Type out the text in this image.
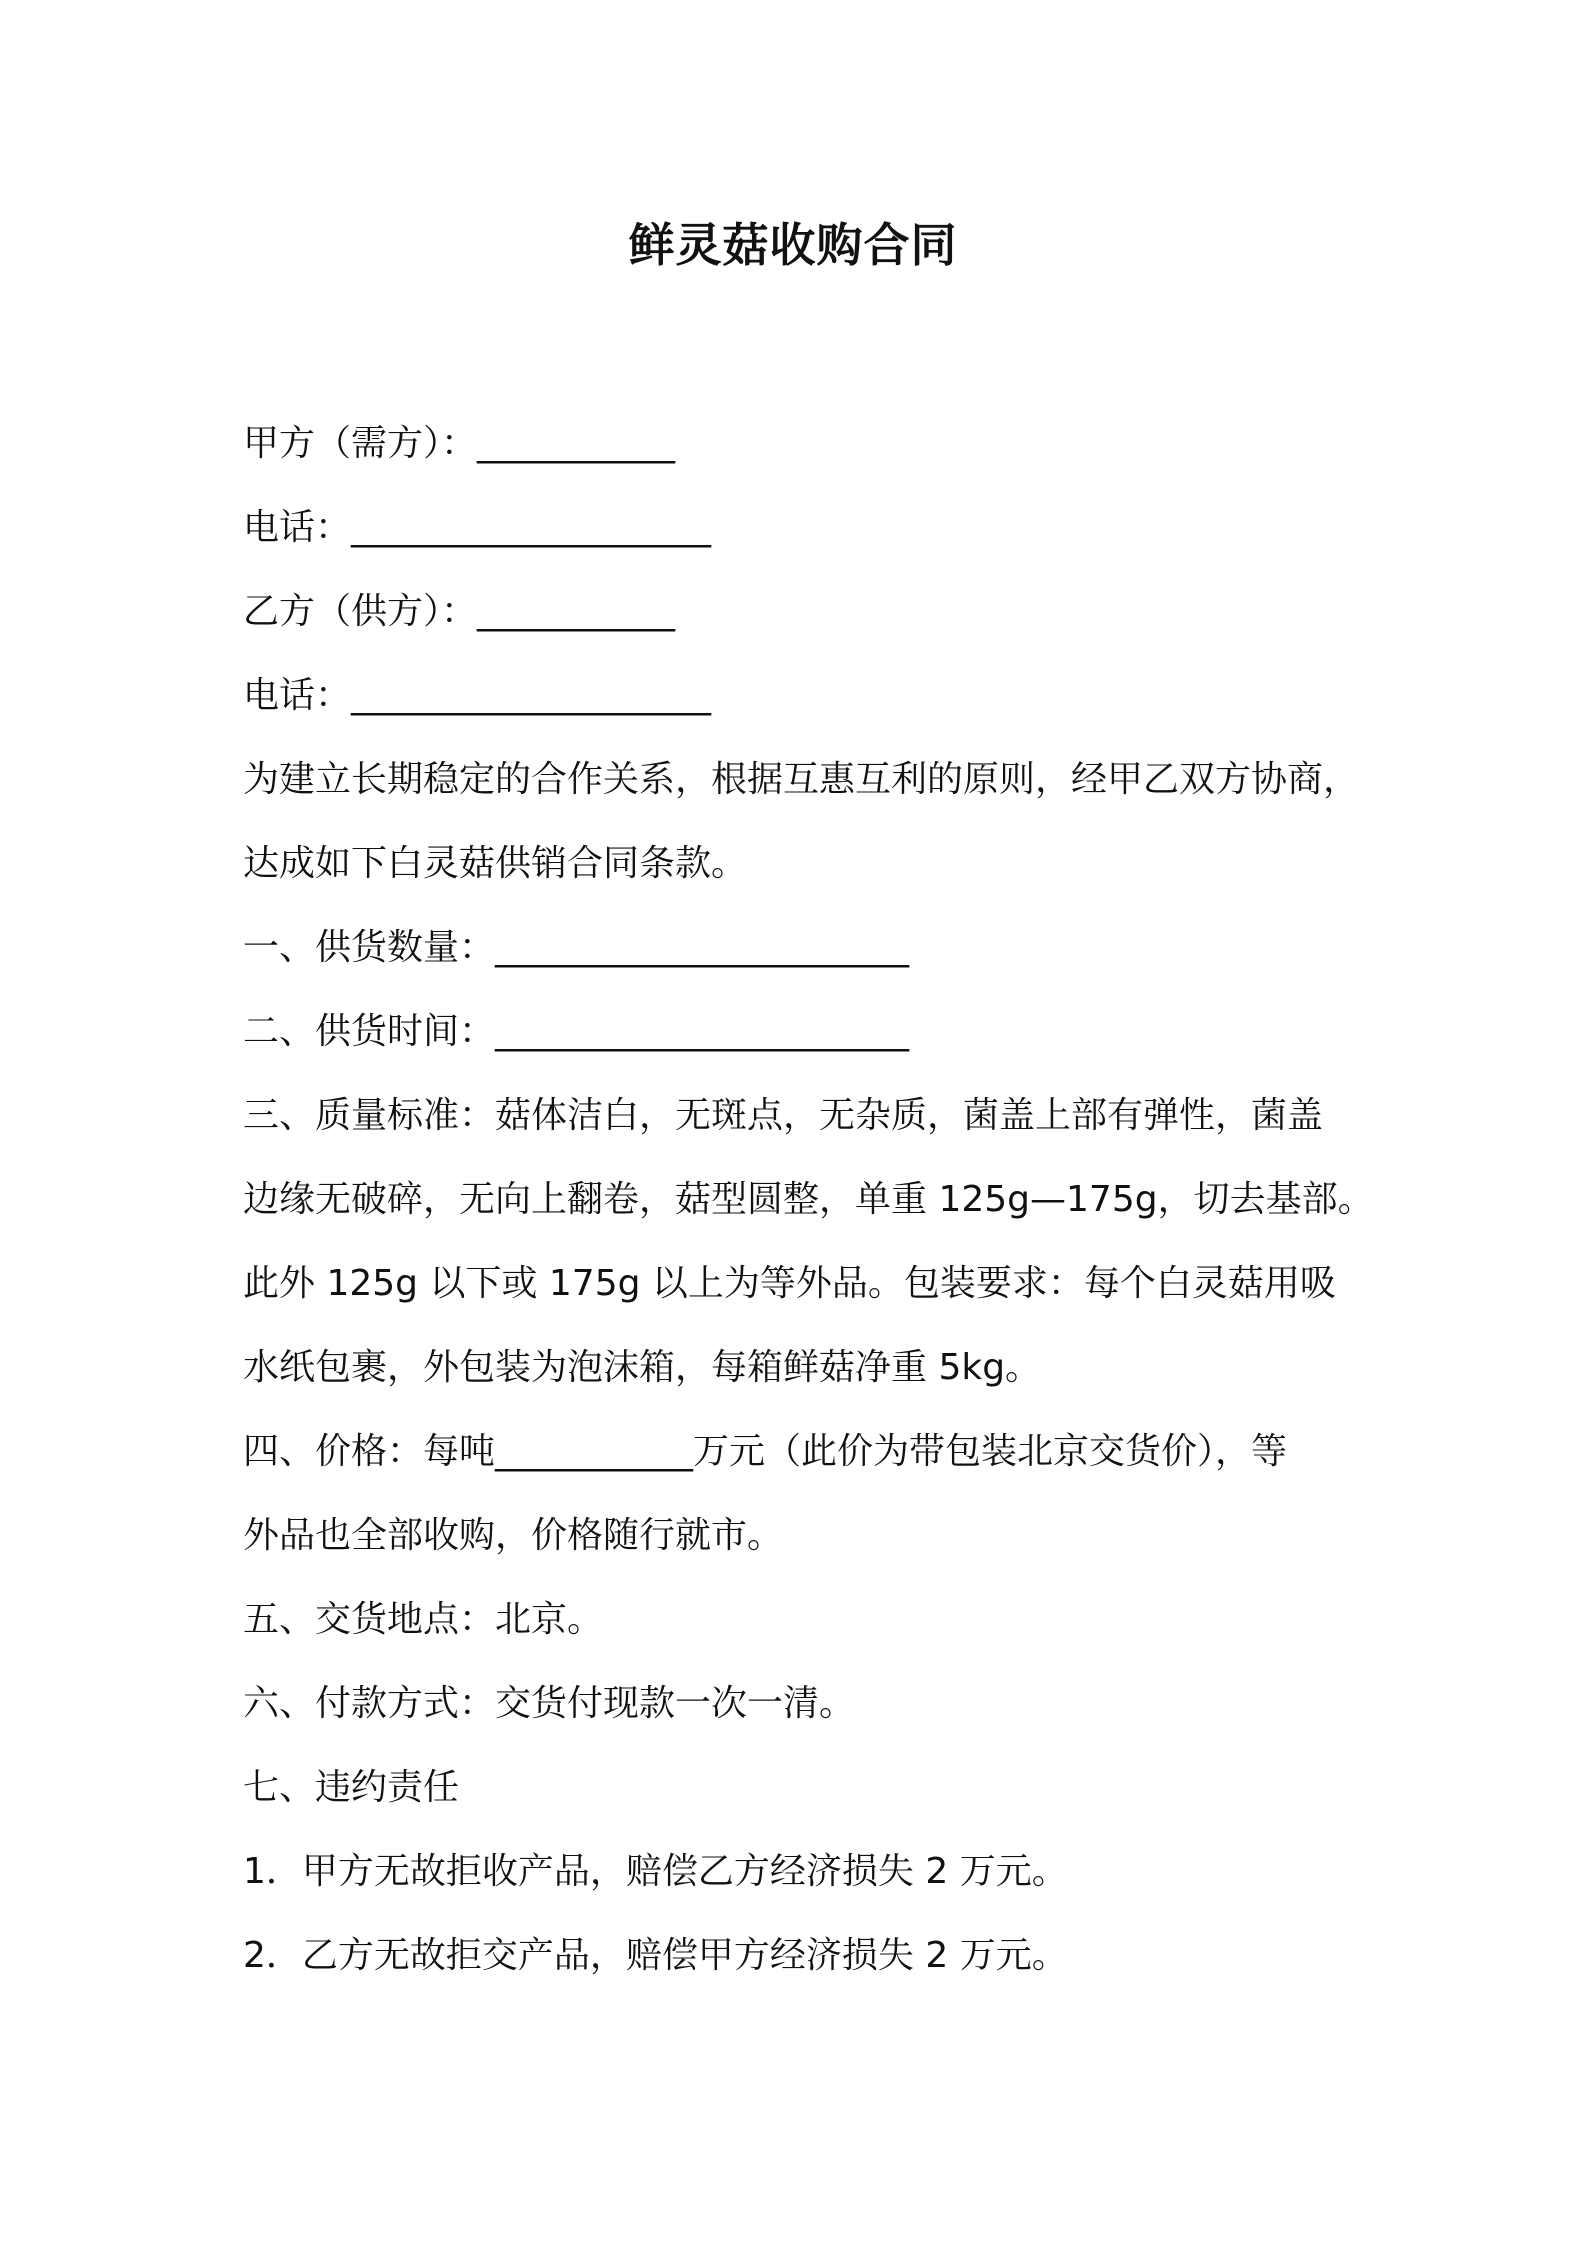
鲜灵菇收购合同
甲方（需方）：___________
电话：____________________
乙方（供方）：___________
电话：____________________
为建立长期稳定的合作关系，根据互惠互利的原则，经甲乙双方协商，
达成如下白灵菇供销合同条款。
一、供货数量：_______________________
二、供货时间：_______________________
三、质量标准：菇体洁白，无斑点，无杂质，菌盖上部有弹性，菌盖
边缘无破碎，无向上翻卷，菇型圆整，单重 125g—175g，切去基部。
此外 125g 以下或 175g 以上为等外品。包装要求：每个白灵菇用吸
水纸包裹，外包装为泡沫箱，每箱鲜菇净重 5kg。
四、价格：每吨___________万元（此价为带包装北京交货价），等
外品也全部收购，价格随行就市。
五、交货地点：北京。
六、付款方式：交货付现款一次一清。
七、违约责任
1．甲方无故拒收产品，赔偿乙方经济损失 2 万元。
2．乙方无故拒交产品，赔偿甲方经济损失 2 万元。
